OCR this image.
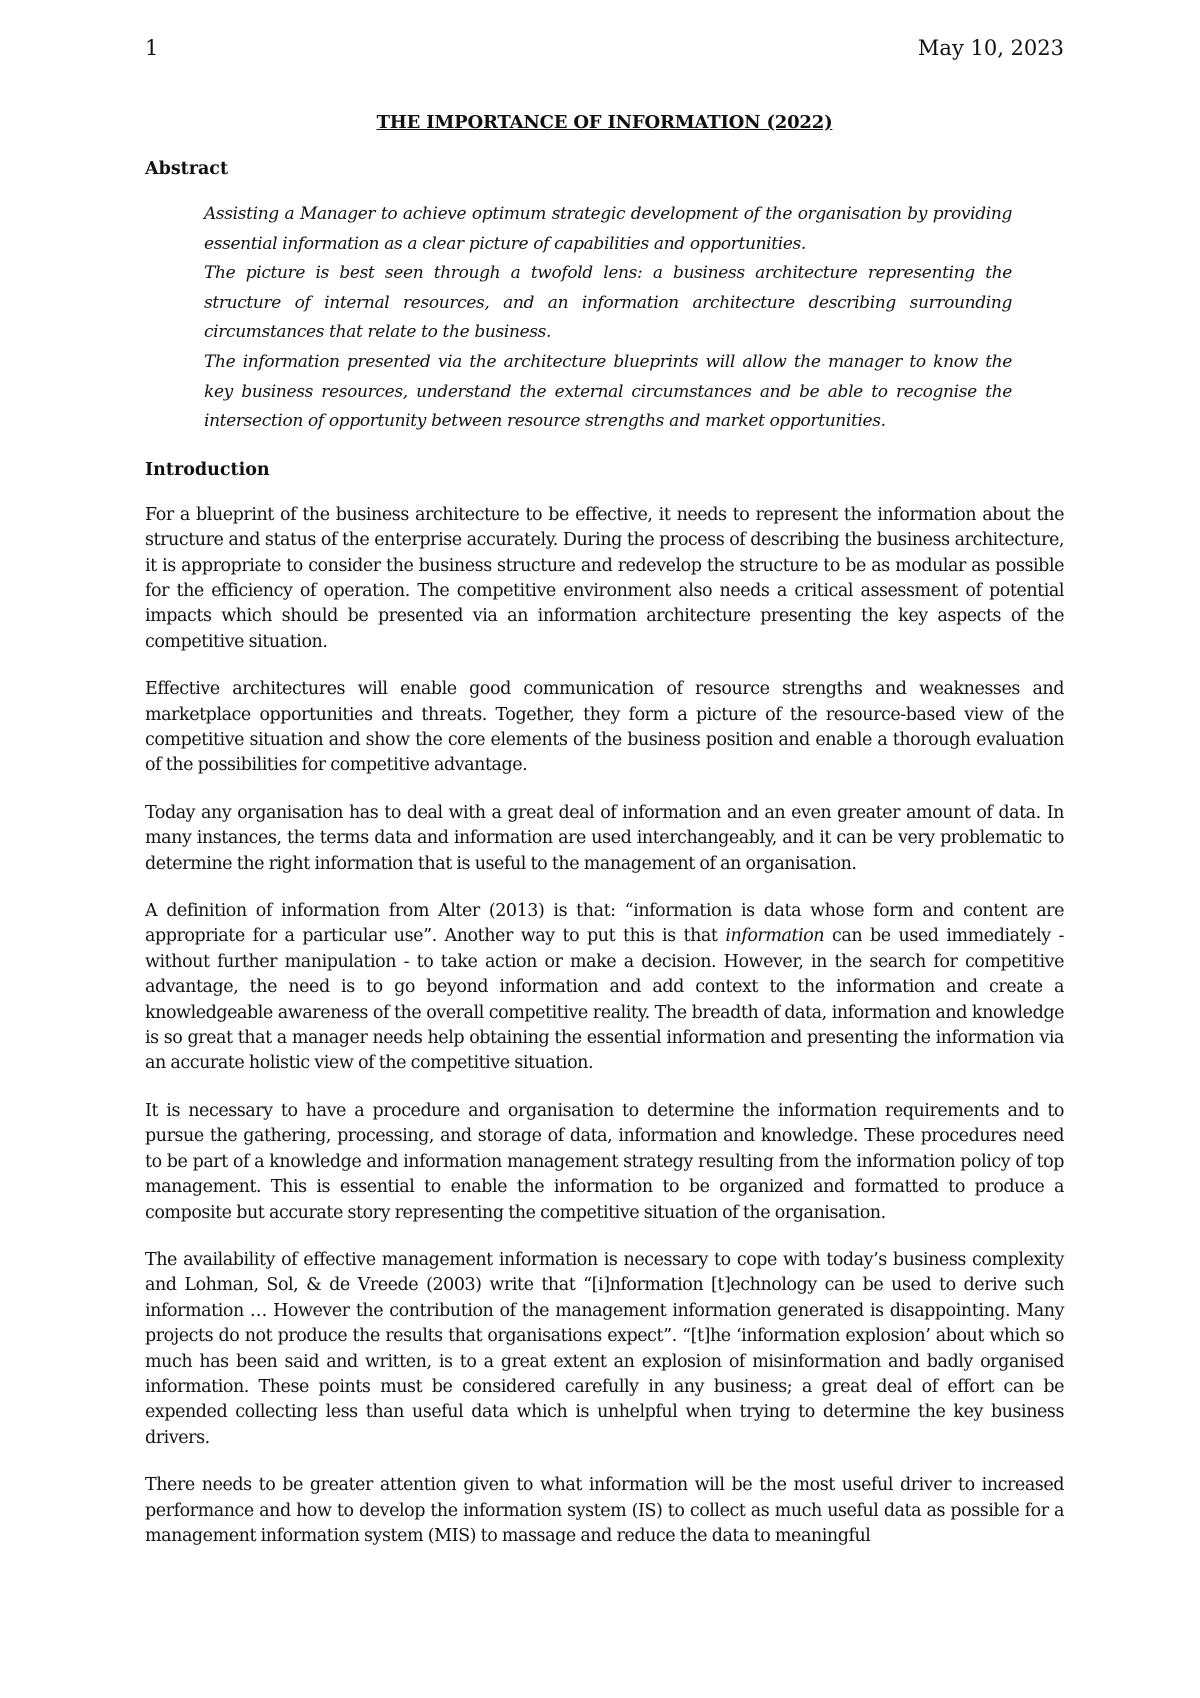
1	May 10, 2023
THE IMPORTANCE OF INFORMATION (2022)
Abstract

Assisting a Manager to achieve optimum strategic development of the organisation by providing essential information as a clear picture of capabilities and opportunities.

The picture is best seen through a twofold lens: a business architecture representing the structure of internal resources, and an information architecture describing surrounding circumstances that relate to the business.

The information presented via the architecture blueprints will allow the manager to know the key business resources, understand the external circumstances and be able to recognise the intersection of opportunity between resource strengths and market opportunities.

Introduction

For a blueprint of the business architecture to be effective, it needs to represent the information about the structure and status of the enterprise accurately. During the process of describing the business architecture, it is appropriate to consider the business structure and redevelop the structure to be as modular as possible for the efficiency of operation. The competitive environment also needs a critical assessment of potential impacts which should be presented via an information architecture presenting the key aspects of the competitive situation.

Effective architectures will enable good communication of resource strengths and weaknesses and marketplace opportunities and threats. Together, they form a picture of the resource-based view of the competitive situation and show the core elements of the business position and enable a thorough evaluation of the possibilities for competitive advantage.

Today any organisation has to deal with a great deal of information and an even greater amount of data. In many instances, the terms data and information are used interchangeably, and it can be very problematic to determine the right information that is useful to the management of an organisation.

A definition of information from Alter (2013) is that: “information is data whose form and content are appropriate for a particular use”. Another way to put this is that information can be used immediately -without further manipulation - to take action or make a decision. However, in the search for competitive advantage, the need is to go beyond information and add context to the information and create a knowledgeable awareness of the overall competitive reality. The breadth of data, information and knowledge is so great that a manager needs help obtaining the essential information and presenting the information via an accurate holistic view of the competitive situation.

It is necessary to have a procedure and organisation to determine the information requirements and to pursue the gathering, processing, and storage of data, information and knowledge. These procedures need to be part of a knowledge and information management strategy resulting from the information policy of top management. This is essential to enable the information to be organized and formatted to produce a composite but accurate story representing the competitive situation of the organisation.

The availability of effective management information is necessary to cope with today’s business complexity and Lohman, Sol, & de Vreede (2003) write that “[i]nformation [t]echnology can be used to derive such information … However the contribution of the management information generated is disappointing. Many projects do not produce the results that organisations expect”. “[t]he ‘information explosion’ about which so much has been said and written, is to a great extent an explosion of misinformation and badly organised information. These points must be considered carefully in any business; a great deal of effort can be expended collecting less than useful data which is unhelpful when trying to determine the key business drivers.

There needs to be greater attention given to what information will be the most useful driver to increased performance and how to develop the information system (IS) to collect as much useful data as possible for a management information system (MIS) to massage and reduce the data to meaningful
